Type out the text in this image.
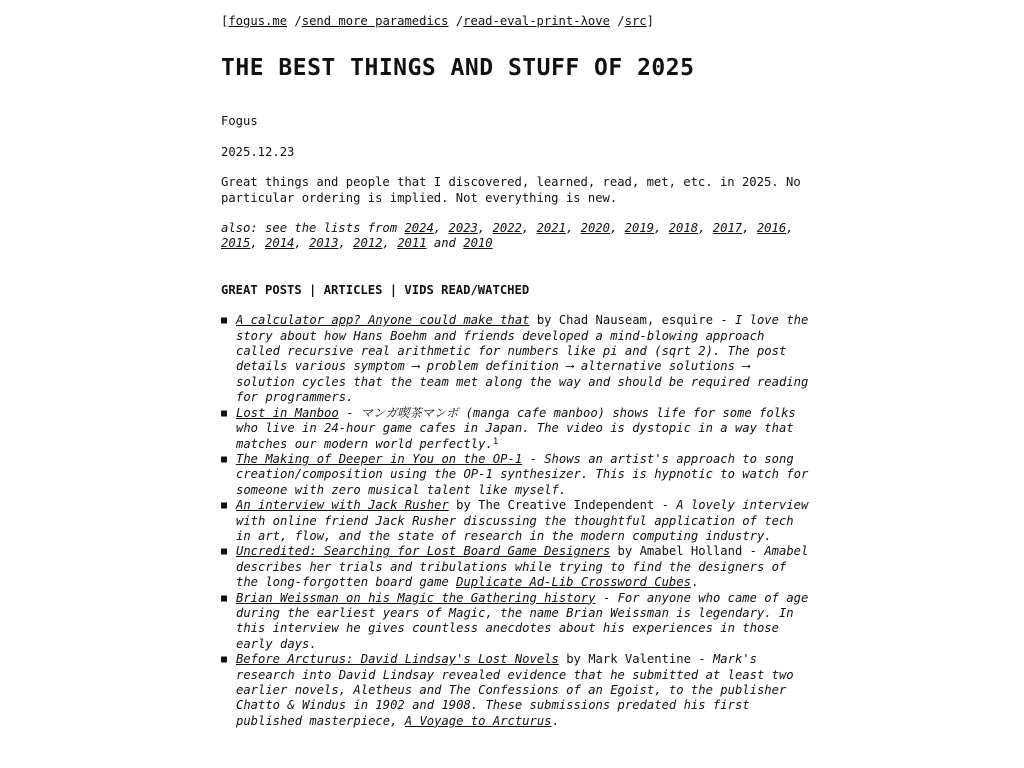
[fogus.me /send more paramedics /read-eval-print-λove /src]
THE BEST THINGS AND STUFF OF 2025
Fogus
2025.12.23
Great things and people that I discovered, learned, read, met, etc. in 2025. No particular ordering is implied. Not everything is new.
also: see the lists from 2024, 2023, 2022, 2021, 2020, 2019, 2018, 2017, 2016, 2015, 2014, 2013, 2012, 2011 and 2010
GREAT POSTS | ARTICLES | VIDS READ/WATCHED
■ A calculator app? Anyone could make that by Chad Nauseam, esquire - I love the story about how Hans Boehm and friends developed a mind-blowing approach called recursive real arithmetic for numbers like pi and (sqrt 2). The post details various symptom ⟶ problem definition ⟶ alternative solutions ⟶ solution cycles that the team met along the way and should be required reading for programmers.
■ Lost in Manboo - マンガ喫茶マンボ (manga cafe manboo) shows life for some folks who live in 24-hour game cafes in Japan. The video is dystopic in a way that matches our modern world perfectly.$^1$
■ The Making of Deeper in You on the OP-1 - Shows an artist's approach to song creation/composition using the OP-1 synthesizer. This is hypnotic to watch for someone with zero musical talent like myself.
■ An interview with Jack Rusher by The Creative Independent - A lovely interview with online friend Jack Rusher discussing the thoughtful application of tech in art, flow, and the state of research in the modern computing industry.
■ Uncredited: Searching for Lost Board Game Designers by Amabel Holland - Amabel describes her trials and tribulations while trying to find the designers of the long-forgotten board game Duplicate Ad-Lib Crossword Cubes.
■ Brian Weissman on his Magic the Gathering history - For anyone who came of age during the earliest years of Magic, the name Brian Weissman is legendary. In this interview he gives countless anecdotes about his experiences in those early days.
■ Before Arcturus: David Lindsay's Lost Novels by Mark Valentine - Mark's research into David Lindsay revealed evidence that he submitted at least two earlier novels, Aletheus and The Confessions of an Egoist, to the publisher Chatto & Windus in 1902 and 1908. These submissions predated his first published masterpiece, A Voyage to Arcturus.
